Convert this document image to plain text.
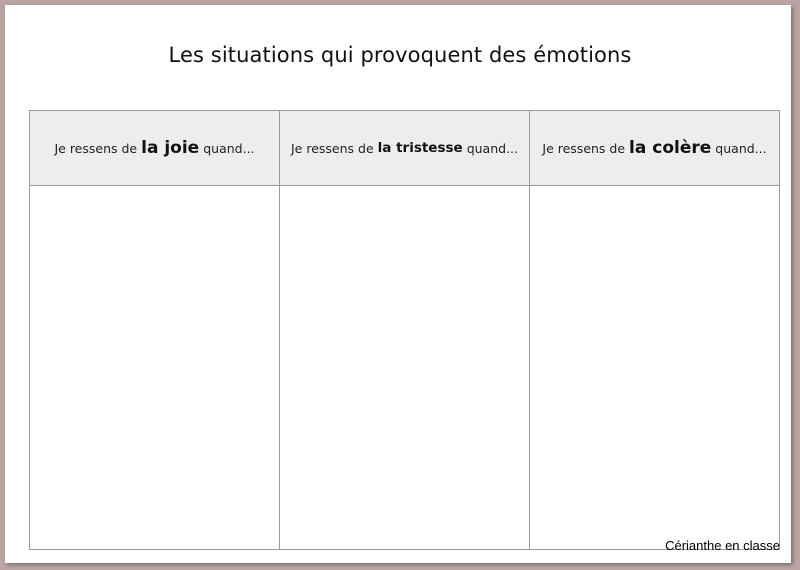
Les situations qui provoquent des émotions
Je ressens de la joie quand...	Je ressens de la tristesse quand... Je ressens de la colère quand...
Cérianthe en classe
